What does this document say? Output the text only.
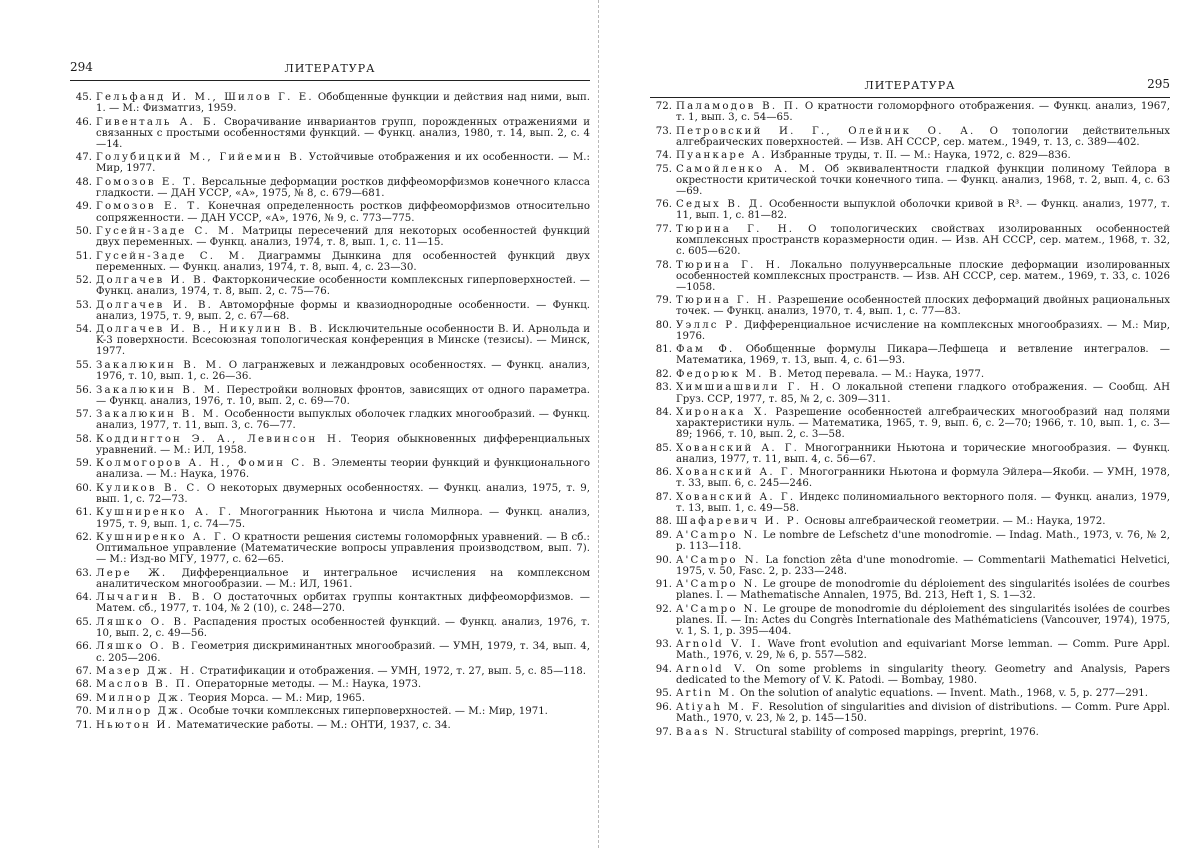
294	ЛИТЕРАТУРА
45. Гельфанд И. М., Шилов Г. Е. Обобщенные функции и действия над ними, вып. 1. — М.: Физматгиз, 1959.
46. Гивенталь А. Б. Сворачивание инвариантов групп, порожденных отражениями и связанных с простыми особенностями функций. — Функц. анализ, 1980, т. 14, вып. 2, с. 4—14.
47. Голубицкий М., Гийемин В. Устойчивые отображения и их особенности. — М.: Мир, 1977.
48. Гомозов Е. Т. Версальные деформации ростков диффеоморфизмов конечного класса гладкости. — ДАН УССР, «А», 1975, № 8, с. 679—681.
49. Гомозов Е. Т. Конечная определенность ростков диффеоморфизмов относительно сопряженности. — ДАН УССР, «А», 1976, № 9, с. 773—775.
50. Гусейн-Заде С. М. Матрицы пересечений для некоторых особенностей функций двух переменных. — Функц. анализ, 1974, т. 8, вып. 1, с. 11—15.
51. Гусейн-Заде С. М. Диаграммы Дынкина для особенностей функций двух переменных. — Функц. анализ, 1974, т. 8, вып. 4, с. 23—30.
52. Долгачев И. В. Факторконические особенности комплексных гиперповерхностей. — Функц. анализ, 1974, т. 8, вып. 2, с. 75—76.
53. Долгачев И. В. Автоморфные формы и квазиоднородные особенности. — Функц. анализ, 1975, т. 9, вып. 2, с. 67—68.
54. Долгачев И. В., Никулин В. В. Исключительные особенности В. И. Арнольда и K-3 поверхности. Всесоюзная топологическая конференция в Минске (тезисы). — Минск, 1977.
55. Закалюкин В. М. О лагранжевых и лежандровых особенностях. — Функц. анализ, 1976, т. 10, вып. 1, с. 26—36.
56. Закалюкин В. М. Перестройки волновых фронтов, зависящих от одного параметра. — Функц. анализ, 1976, т. 10, вып. 2, с. 69—70.
57. Закалюкин В. М. Особенности выпуклых оболочек гладких многообразий. — Функц. анализ, 1977, т. 11, вып. 3, с. 76—77.
58. Коддингтон Э. А., Левинсон Н. Теория обыкновенных дифференциальных уравнений. — М.: ИЛ, 1958.
59. Колмогоров А. Н., Фомин С. В. Элементы теории функций и функционального анализа. — М.: Наука, 1976.
60. Куликов В. С. О некоторых двумерных особенностях. — Функц. анализ, 1975, т. 9, вып. 1, с. 72—73.
61. Кушниренко А. Г. Многогранник Ньютона и числа Милнора. — Функц. анализ, 1975, т. 9, вып. 1, с. 74—75.
62. Кушниренко А. Г. О кратности решения системы голоморфных уравнений. — В сб.: Оптимальное управление (Математические вопросы управления производством, вып. 7). — М.: Изд-во МГУ, 1977, с. 62—65.
63. Лере Ж. Дифференциальное и интегральное исчисления на комплексном аналитическом многообразии. — М.: ИЛ, 1961.
64. Лычагин В. В. О достаточных орбитах группы контактных диффеоморфизмов. — Матем. сб., 1977, т. 104, № 2 (10), с. 248—270.
65. Ляшко О. В. Распадения простых особенностей функций. — Функц. анализ, 1976, т. 10, вып. 2, с. 49—56.
66. Ляшко О. В. Геометрия дискриминантных многообразий. — УМН, 1979, т. 34, вып. 4, с. 205—206.
67. Мазер Дж. Н. Стратификации и отображения. — УМН, 1972, т. 27, вып. 5, с. 85—118.
68. Маслов В. П. Операторные методы. — М.: Наука, 1973.
69. Милнор Дж. Теория Морса. — М.: Мир, 1965.
70. Милнор Дж. Особые точки комплексных гиперповерхностей. — М.: Мир, 1971.
71. Ньютон И. Математические работы. — М.: ОНТИ, 1937, с. 34.
ЛИТЕРАТУРА	295
72. Паламодов В. П. О кратности голоморфного отображения. — Функц. анализ, 1967, т. 1, вып. 3, с. 54—65.
73. Петровский И. Г., Олейник О. А. О топологии действительных алгебраических поверхностей. — Изв. АН СССР, сер. матем., 1949, т. 13, с. 389—402.
74. Пуанкаре А. Избранные труды, т. II. — М.: Наука, 1972, с. 829—836.
75. Самойленко А. М. Об эквивалентности гладкой функции полиному Тейлора в окрестности критической точки конечного типа. — Функц. анализ, 1968, т. 2, вып. 4, с. 63—69.
76. Седых В. Д. Особенности выпуклой оболочки кривой в R³. — Функц. анализ, 1977, т. 11, вып. 1, с. 81—82.
77. Тюрина Г. Н. О топологических свойствах изолированных особенностей комплексных пространств коразмерности один. — Изв. АН СССР, сер. матем., 1968, т. 32, с. 605—620.
78. Тюрина Г. Н. Локально полуунверсальные плоские деформации изолированных особенностей комплексных пространств. — Изв. АН СССР, сер. матем., 1969, т. 33, с. 1026—1058.
79. Тюрина Г. Н. Разрешение особенностей плоских деформаций двойных рациональных точек. — Функц. анализ, 1970, т. 4, вып. 1, с. 77—83.
80. Уэллс Р. Дифференциальное исчисление на комплексных многообразиях. — М.: Мир, 1976.
81. Фам Ф. Обобщенные формулы Пикара—Лефшеца и ветвление интегралов. — Математика, 1969, т. 13, вып. 4, с. 61—93.
82. Федорюк М. В. Метод перевала. — М.: Наука, 1977.
83. Химшиашвили Г. Н. О локальной степени гладкого отображения. — Сообщ. АН Груз. ССР, 1977, т. 85, № 2, с. 309—311.
84. Хиронака Х. Разрешение особенностей алгебраических многообразий над полями характеристики нуль. — Математика, 1965, т. 9, вып. 6, с. 2—70; 1966, т. 10, вып. 1, с. 3—89; 1966, т. 10, вып. 2, с. 3—58.
85. Хованский А. Г. Многогранники Ньютона и торические многообразия. — Функц. анализ, 1977, т. 11, вып. 4, с. 56—67.
86. Хованский А. Г. Многогранники Ньютона и формула Эйлера—Якоби. — УМН, 1978, т. 33, вып. 6, с. 245—246.
87. Хованский А. Г. Индекс полиномиального векторного поля. — Функц. анализ, 1979, т. 13, вып. 1, с. 49—58.
88. Шафаревич И. Р. Основы алгебраической геометрии. — М.: Наука, 1972.
89. A'Campo N. Le nombre de Lefschetz d'une monodromie. — Indag. Math., 1973, v. 76, № 2, p. 113—118.
90. A'Campo N. La fonction zêta d'une monodromie. — Commentarii Mathematici Helvetici, 1975, v. 50, Fasc. 2, p. 233—248.
91. A'Campo N. Le groupe de monodromie du déploiement des singularités isolées de courbes planes. I. — Mathematische Annalen, 1975, Bd. 213, Heft 1, S. 1—32.
92. A'Campo N. Le groupe de monodromie du déploiement des singularités isolées de courbes planes. II. — In: Actes du Congrès Internationale des Mathématiciens (Vancouver, 1974), 1975, v. 1, S. 1, p. 395—404.
93. Arnold V. I. Wave front evolution and equivariant Morse lemman. — Comm. Pure Appl. Math., 1976, v. 29, № 6, p. 557—582.
94. Arnold V. On some problems in singularity theory. Geometry and Analysis, Papers dedicated to the Memory of V. K. Patodi. — Bombay, 1980.
95. Artin M. On the solution of analytic equations. — Invent. Math., 1968, v. 5, p. 277—291.
96. Atiyah M. F. Resolution of singularities and division of distributions. — Comm. Pure Appl. Math., 1970, v. 23, № 2, p. 145—150.
97. Baas N. Structural stability of composed mappings, preprint, 1976.
